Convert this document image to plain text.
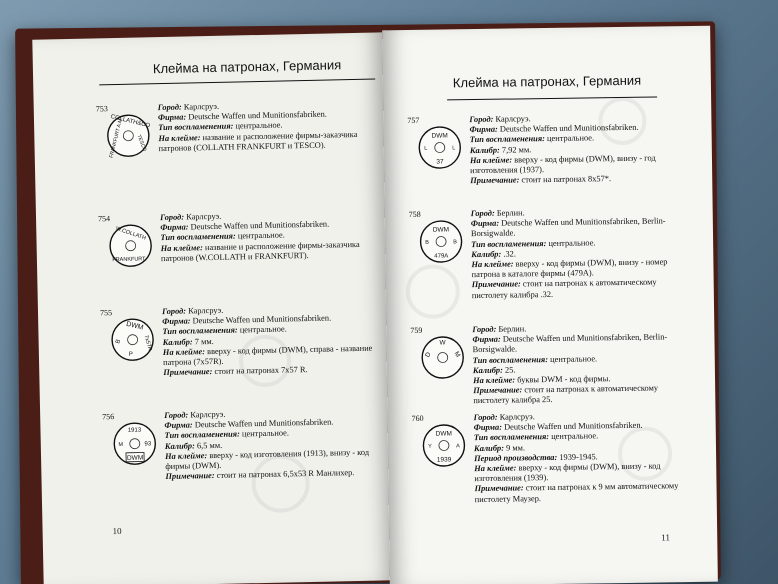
Клейма на патронах, Германия
753
COLLATH&CO
FRANKFURT A.M. TESCO

Город: Карлсруэ.

Фирма: Deutsche Waffen und Munitionsfabriken.

Тип воспламенения: центральное.

На клейме: название и расположение фирмы-заказчика патронов (COLLATH FRANKFURT и TESCO).

754
W.COLLATH
FRANKFURT

Город: Карлсруэ.

Фирма: Deutsche Waffen und Munitionsfabriken.

Тип воспламенения: центральное.

На клейме: название и расположение фирмы-заказчика патронов (W.COLLATH и FRANKFURT).

755
DWM
7x57R
B
P

Город: Карлсруэ.

Фирма: Deutsche Waffen und Munitionsfabriken.

Тип воспламенения: центральное.

Калибр: 7 мм.

На клейме: вверху - код фирмы (DWM), справа - название патрона (7x57R).

Примечание: стоит на патронах 7x57 R.

756
1913
DWM
M	93

Город: Карлсруэ.

Фирма: Deutsche Waffen und Munitionsfabriken.

Тип воспламенения: центральное.

Калибр: 6,5 мм.

На клейме: вверху - код изготовления (1913), внизу - код фирмы (DWM).

Примечание: стоит на патронах 6,5x53 R Манлихер.

10
Клейма на патронах, Германия
757
DWM
37
L	L

Город: Карлсруэ.

Фирма: Deutsche Waffen und Munitionsfabriken.

Тип воспламенения: центральное.

Калибр: 7,92 мм.

На клейме: вверху - код фирмы (DWM), внизу - год изготовления (1937).

Примечание: стоит на патронах 8x57*.

758
DWM
479A
B	B

Город: Берлин.

Фирма: Deutsche Waffen und Munitionsfabriken, Berlin-Borsigwalde.

Тип воспламенения: центральное.

Калибр: .32.

На клейме: вверху - код фирмы (DWM), внизу - номер патрона в каталоге фирмы (479A).

Примечание: стоит на патронах к автоматическому пистолету калибра .32.

759
D
W
M

Город: Берлин.

Фирма: Deutsche Waffen und Munitionsfabriken, Berlin-Borsigwalde.

Тип воспламенения: центральное.

Калибр: 25.

На клейме: буквы DWM - код фирмы.

Примечание: стоит на патронах к автоматическому пистолету калибра 25.

760
DWM
1939
Y	A

Город: Карлсруэ.

Фирма: Deutsche Waffen und Munitionsfabriken.

Тип воспламенения: центральное.

Калибр: 9 мм.

Период производства: 1939-1945.

На клейме: вверху - код фирмы (DWM), внизу - код изготовления (1939).

Примечание: стоит на патронах к 9 мм автоматическому пистолету Маузер.

11
